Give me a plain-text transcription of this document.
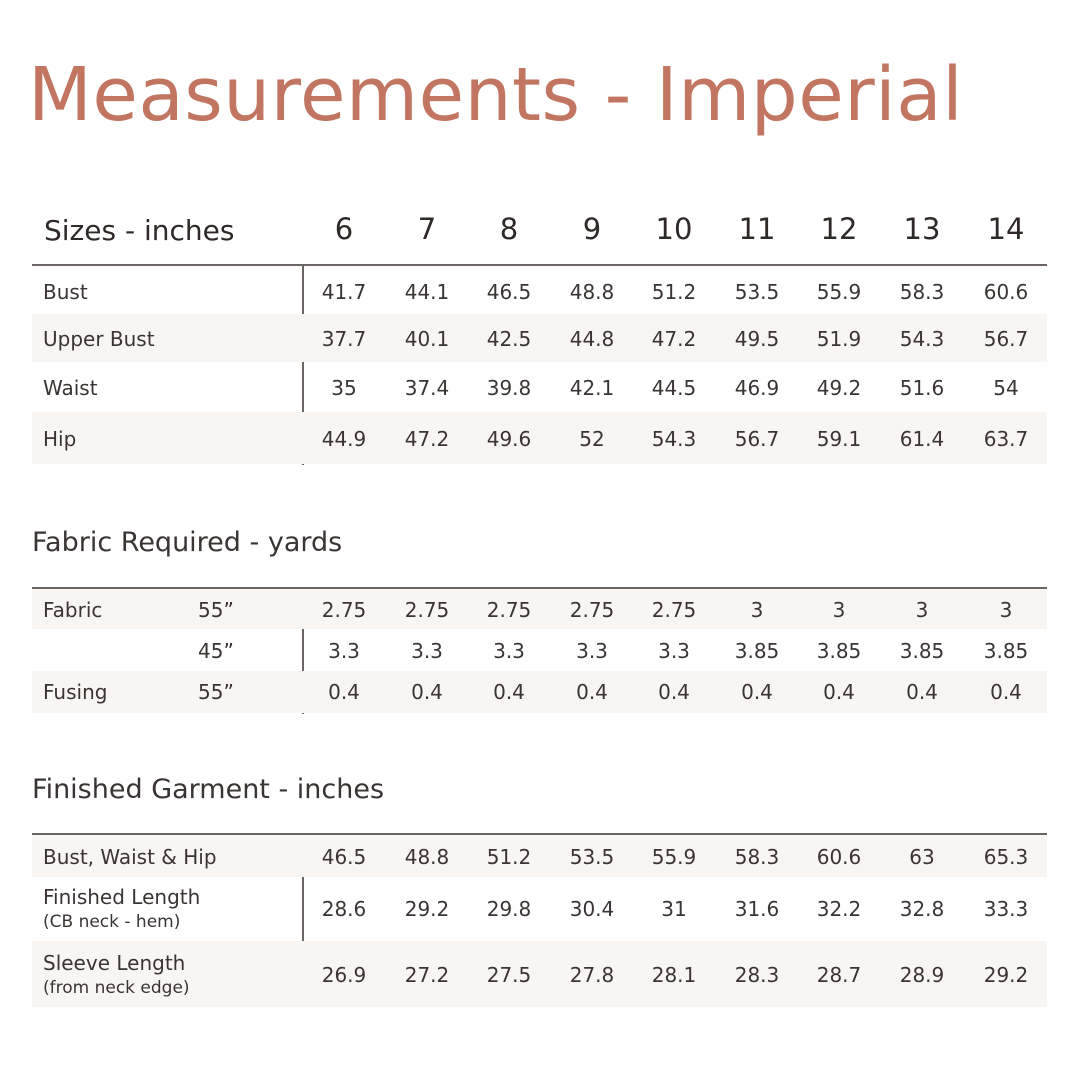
Measurements - Imperial
Sizes - inches	6	7	8	9	10	11	12	13	14
Bust	41.7	44.1	46.5	48.8	51.2	53.5	55.9	58.3	60.6
Upper Bust	37.7	40.1	42.5	44.8	47.2	49.5	51.9	54.3	56.7
Waist	35	37.4	39.8	42.1	44.5	46.9	49.2	51.6	54
Hip	44.9	47.2	49.6	52	54.3	56.7	59.1	61.4	63.7
Fabric Required - yards
Fabric	55”	2.75	2.75	2.75	2.75	2.75	3	3	3	3
45”	3.3	3.3	3.3	3.3	3.3	3.85	3.85	3.85	3.85
Fusing	55”	0.4	0.4	0.4	0.4	0.4	0.4	0.4	0.4	0.4
Finished Garment - inches
Bust, Waist & Hip	46.5	48.8	51.2	53.5	55.9	58.3	60.6	63	65.3
Finished Length
(CB neck - hem)
28.6	29.2	29.8	30.4	31	31.6	32.2	32.8	33.3
Sleeve Length
(from neck edge)
26.9	27.2	27.5	27.8	28.1	28.3	28.7	28.9	29.2
